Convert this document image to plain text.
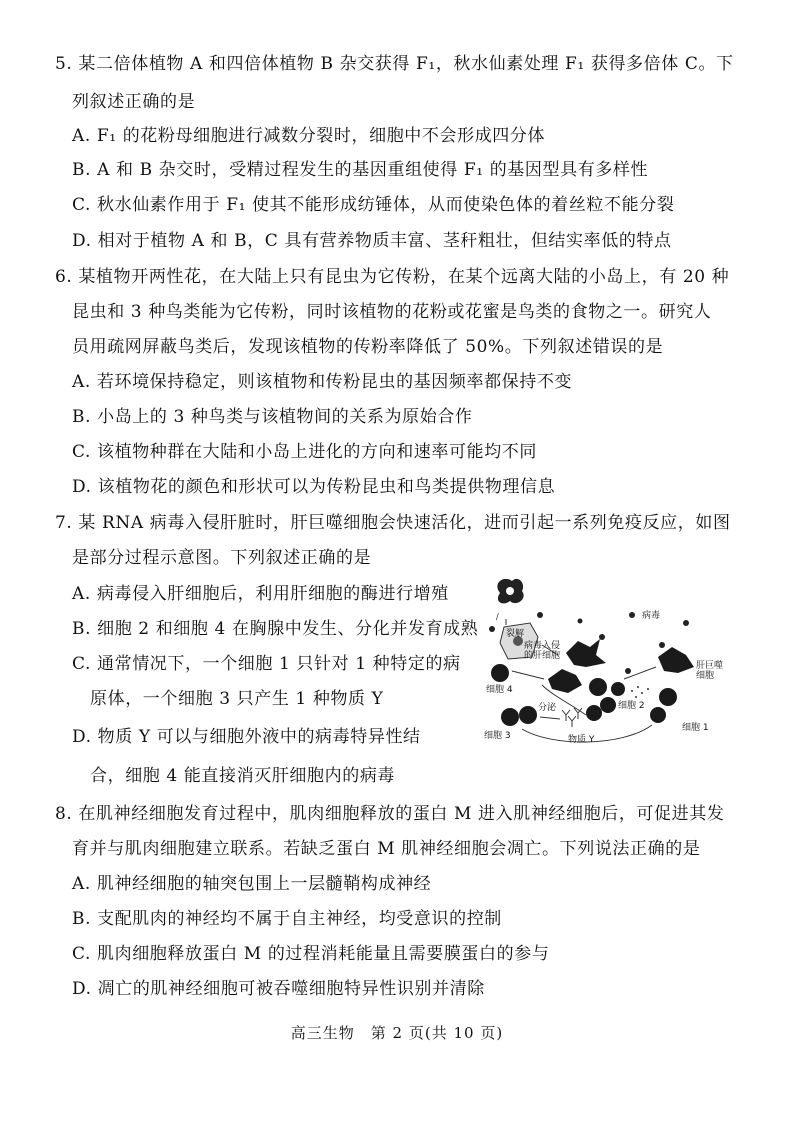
5. 某二倍体植物 A 和四倍体植物 B 杂交获得 F₁，秋水仙素处理 F₁ 获得多倍体 C。下
列叙述正确的是
A. F₁ 的花粉母细胞进行减数分裂时，细胞中不会形成四分体
B. A 和 B 杂交时，受精过程发生的基因重组使得 F₁ 的基因型具有多样性
C. 秋水仙素作用于 F₁ 使其不能形成纺锤体，从而使染色体的着丝粒不能分裂
D. 相对于植物 A 和 B，C 具有营养物质丰富、茎秆粗壮，但结实率低的特点
6. 某植物开两性花，在大陆上只有昆虫为它传粉，在某个远离大陆的小岛上，有 20 种
昆虫和 3 种鸟类能为它传粉，同时该植物的花粉或花蜜是鸟类的食物之一。研究人
员用疏网屏蔽鸟类后，发现该植物的传粉率降低了 50%。下列叙述错误的是
A. 若环境保持稳定，则该植物和传粉昆虫的基因频率都保持不变
B. 小岛上的 3 种鸟类与该植物间的关系为原始合作
C. 该植物种群在大陆和小岛上进化的方向和速率可能均不同
D. 该植物花的颜色和形状可以为传粉昆虫和鸟类提供物理信息
7. 某 RNA 病毒入侵肝脏时，肝巨噬细胞会快速活化，进而引起一系列免疫反应，如图
是部分过程示意图。下列叙述正确的是
A. 病毒侵入肝细胞后，利用肝细胞的酶进行增殖
B. 细胞 2 和细胞 4 在胸腺中发生、分化并发育成熟
C. 通常情况下，一个细胞 1 只针对 1 种特定的病
原体，一个细胞 3 只产生 1 种物质 Y
D. 物质 Y 可以与细胞外液中的病毒特异性结
合，细胞 4 能直接消灭肝细胞内的病毒
/
裂解
病毒入侵
的肝细胞
病毒
肝巨噬
细胞
细胞 4
细胞 2
细胞 1
细胞 3
分泌
物质 Y
8. 在肌神经细胞发育过程中，肌肉细胞释放的蛋白 M 进入肌神经细胞后，可促进其发
育并与肌肉细胞建立联系。若缺乏蛋白 M 肌神经细胞会凋亡。下列说法正确的是
A. 肌神经细胞的轴突包围上一层髓鞘构成神经
B. 支配肌肉的神经均不属于自主神经，均受意识的控制
C. 肌肉细胞释放蛋白 M 的过程消耗能量且需要膜蛋白的参与
D. 凋亡的肌神经细胞可被吞噬细胞特异性识别并清除
高三生物　第 2 页(共 10 页)
